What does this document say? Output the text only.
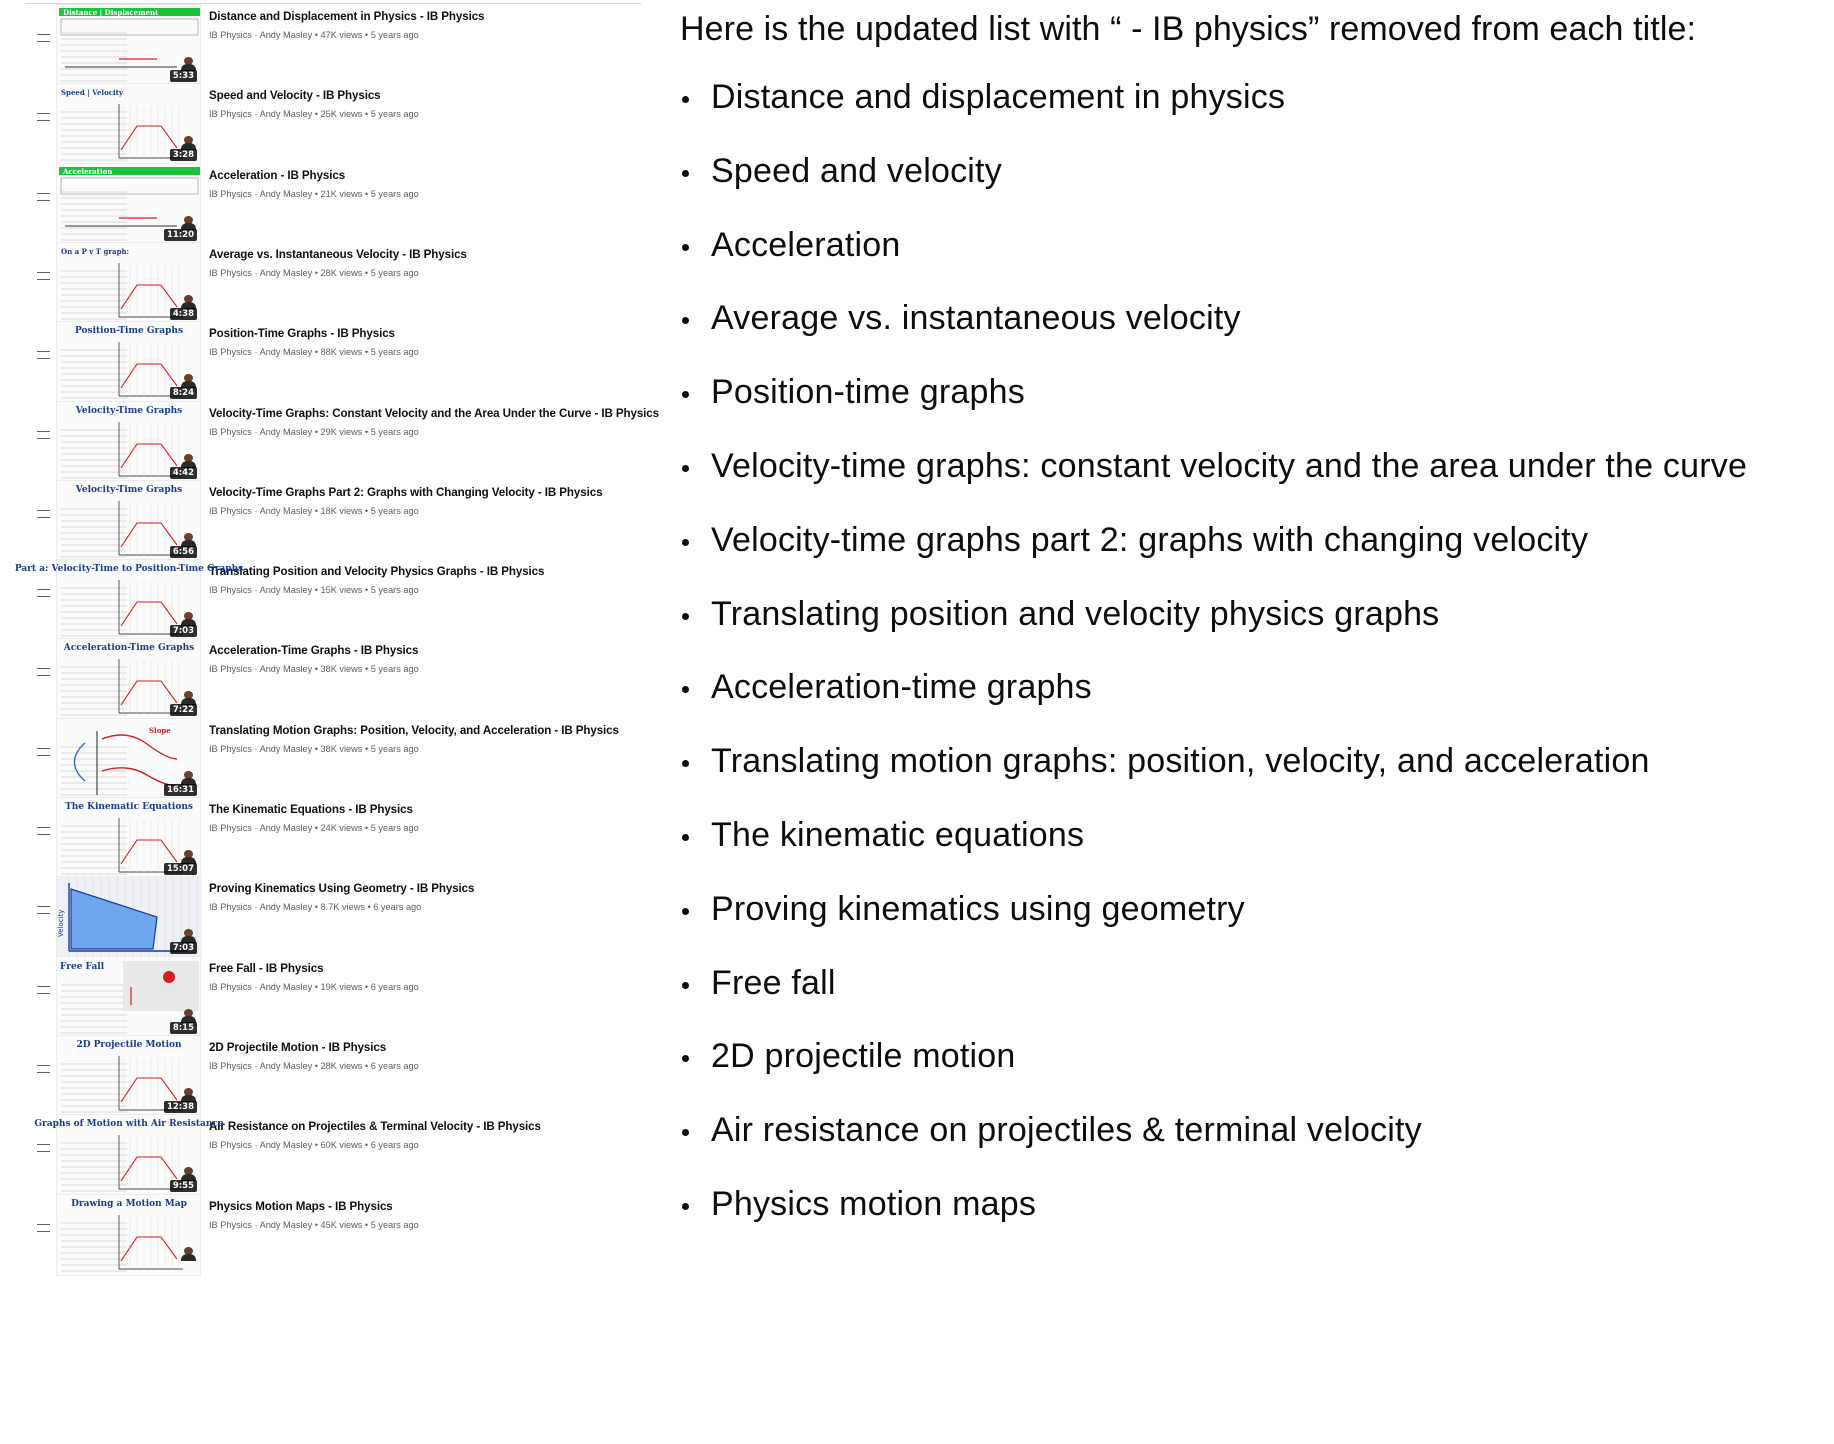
Distance | Displacement
5:33
Distance and Displacement in Physics - IB Physics
IB Physics · Andy Masley • 47K views • 5 years ago
Speed | Velocity
3:28
Speed and Velocity - IB Physics
IB Physics · Andy Masley • 25K views • 5 years ago
Acceleration
11:20
Acceleration - IB Physics
IB Physics · Andy Masley • 21K views • 5 years ago
On a P v T graph:
4:38
Average vs. Instantaneous Velocity - IB Physics
IB Physics · Andy Masley • 28K views • 5 years ago
Position-Time Graphs
8:24
Position-Time Graphs - IB Physics
IB Physics · Andy Masley • 88K views • 5 years ago
Velocity-Time Graphs
4:42
Velocity-Time Graphs: Constant Velocity and the Area Under the Curve - IB Physics
IB Physics · Andy Masley • 29K views • 5 years ago
Velocity-Time Graphs
6:56
Velocity-Time Graphs Part 2: Graphs with Changing Velocity - IB Physics
IB Physics · Andy Masley • 18K views • 5 years ago
Part a: Velocity-Time to Position-Time Graphs
7:03
Translating Position and Velocity Physics Graphs - IB Physics
IB Physics · Andy Masley • 15K views • 5 years ago
Acceleration-Time Graphs
7:22
Acceleration-Time Graphs - IB Physics
IB Physics · Andy Masley • 38K views • 5 years ago
Slope
16:31
Translating Motion Graphs: Position, Velocity, and Acceleration - IB Physics
IB Physics · Andy Masley • 38K views • 5 years ago
The Kinematic Equations
15:07
The Kinematic Equations - IB Physics
IB Physics · Andy Masley • 24K views • 5 years ago
Velocity
7:03
Proving Kinematics Using Geometry - IB Physics
IB Physics · Andy Masley • 8.7K views • 6 years ago
Free Fall
8:15
Free Fall - IB Physics
IB Physics · Andy Masley • 19K views • 6 years ago
2D Projectile Motion
12:38
2D Projectile Motion - IB Physics
IB Physics · Andy Masley • 28K views • 6 years ago
Graphs of Motion with Air Resistance
9:55
Air Resistance on Projectiles & Terminal Velocity - IB Physics
IB Physics · Andy Masley • 60K views • 6 years ago
Drawing a Motion Map Physics Motion Maps - IB Physics
IB Physics · Andy Masley • 45K views • 5 years ago

Here is the updated list with “ - IB physics” removed from each title:

Distance and displacement in physics
Speed and velocity
Acceleration
Average vs. instantaneous velocity
Position-time graphs
Velocity-time graphs: constant velocity and the area under the curve
Velocity-time graphs part 2: graphs with changing velocity
Translating position and velocity physics graphs
Acceleration-time graphs
Translating motion graphs: position, velocity, and acceleration
The kinematic equations
Proving kinematics using geometry
Free fall
2D projectile motion
Air resistance on projectiles & terminal velocity
Physics motion maps
